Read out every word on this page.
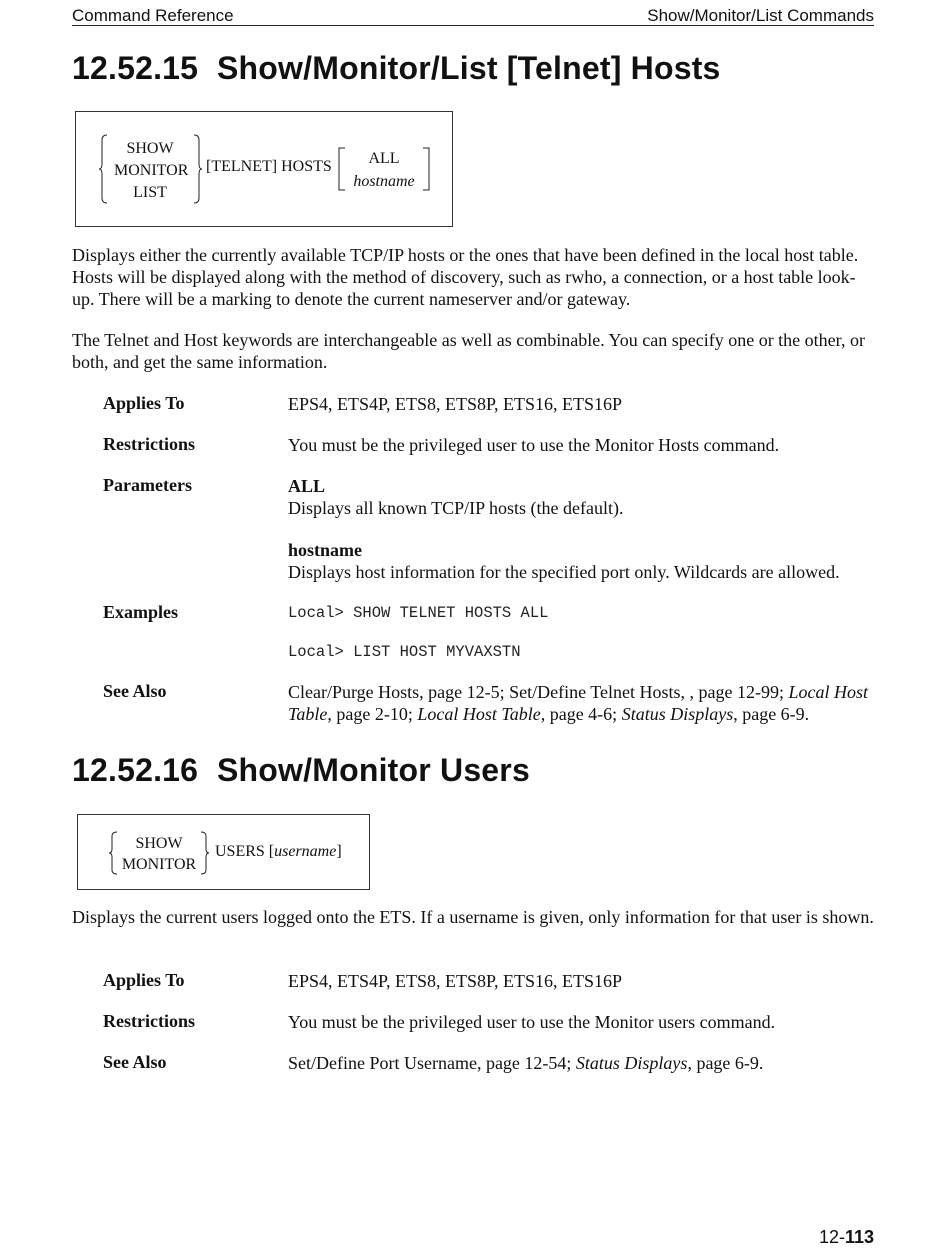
Command Reference	Show/Monitor/List Commands
12.52.15 Show/Monitor/List [Telnet] Hosts
SHOW
MONITOR
LIST
[TELNET] HOSTS	ALL
hostname

Displays either the currently available TCP/IP hosts or the ones that have been defined in the local host table. Hosts will be displayed along with the method of discovery, such as rwho, a connection, or a host table look-up. There will be a marking to denote the current nameserver and/or gateway.

The Telnet and Host keywords are interchangeable as well as combinable. You can specify one or the other, or both, and get the same information.

Applies To	EPS4, ETS4P, ETS8, ETS8P, ETS16, ETS16P
Restrictions	You must be the privileged user to use the Monitor Hosts command.
Parameters	ALL
Displays all known TCP/IP hosts (the default).
hostname
Displays host information for the specified port only. Wildcards are allowed.
Examples	Local> SHOW TELNET HOSTS ALL
Local> LIST HOST MYVAXSTN
See Also	Clear/Purge Hosts, page 12-5; Set/Define Telnet Hosts, , page 12-99; Local Host Table, page 2-10; Local Host Table, page 4-6; Status Displays, page 6-9.
12.52.16 Show/Monitor Users
SHOW
MONITOR
USERS [username]

Displays the current users logged onto the ETS. If a username is given, only information for that user is shown.

Applies To	EPS4, ETS4P, ETS8, ETS8P, ETS16, ETS16P
Restrictions	You must be the privileged user to use the Monitor users command.
See Also	Set/Define Port Username, page 12-54; Status Displays, page 6-9.
12-113
